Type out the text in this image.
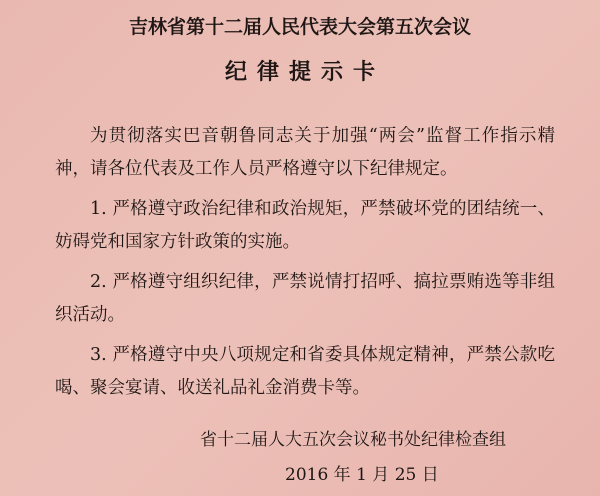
吉林省第十二届人民代表大会第五次会议
纪律提示卡

为贯彻落实巴音朝鲁同志关于加强“两会”监督工作指示精神，请各位代表及工作人员严格遵守以下纪律规定。

1. 严格遵守政治纪律和政治规矩，严禁破坏党的团结统一、妨碍党和国家方针政策的实施。

2. 严格遵守组织纪律，严禁说情打招呼、搞拉票贿选等非组织活动。

3. 严格遵守中央八项规定和省委具体规定精神，严禁公款吃喝、聚会宴请、收送礼品礼金消费卡等。

省十二届人大五次会议秘书处纪律检查组
2016 年 1 月 25 日
